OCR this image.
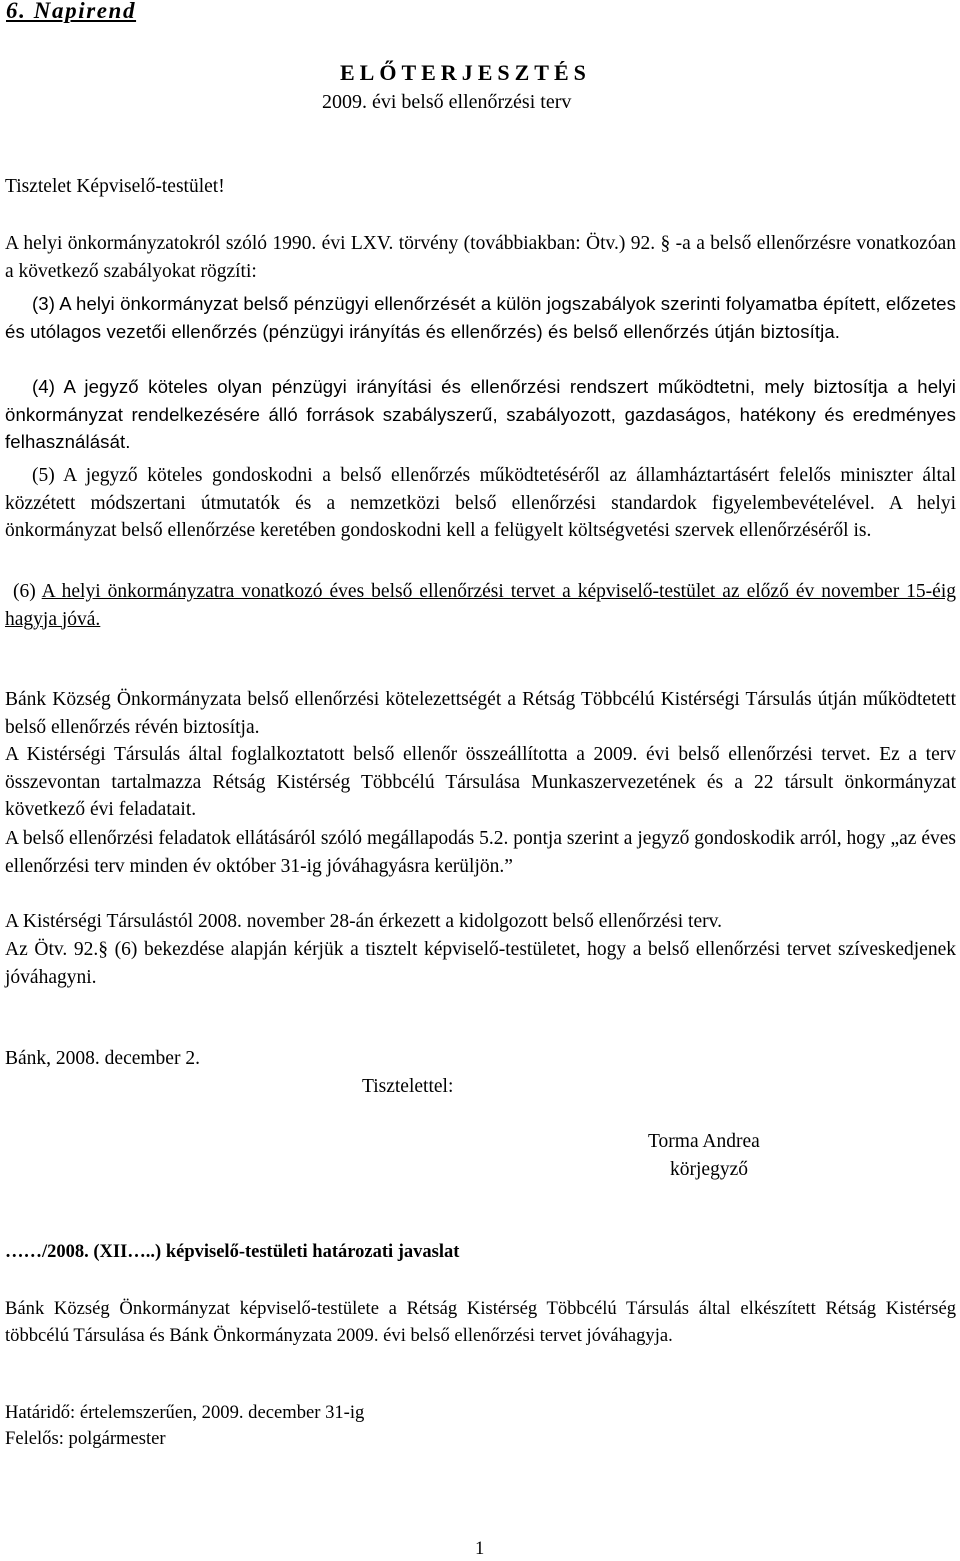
6. Napirend
ELŐTERJESZTÉS
2009. évi belső ellenőrzési terv
Tisztelet Képviselő-testület!
A helyi önkormányzatokról szóló 1990. évi LXV. törvény (továbbiakban: Ötv.) 92. § -a a belső ellenőrzésre vonatkozóan a következő szabályokat rögzíti:
(3) A helyi önkormányzat belső pénzügyi ellenőrzését a külön jogszabályok szerinti folyamatba épített, előzetes és utólagos vezetői ellenőrzés (pénzügyi irányítás és ellenőrzés) és belső ellenőrzés útján biztosítja.
(4) A jegyző köteles olyan pénzügyi irányítási és ellenőrzési rendszert működtetni, mely biztosítja a helyi önkormányzat rendelkezésére álló források szabályszerű, szabályozott, gazdaságos, hatékony és eredményes felhasználását.
(5) A jegyző köteles gondoskodni a belső ellenőrzés működtetéséről az államháztartásért felelős miniszter által közzétett módszertani útmutatók és a nemzetközi belső ellenőrzési standardok figyelembevételével. A helyi önkormányzat belső ellenőrzése keretében gondoskodni kell a felügyelt költségvetési szervek ellenőrzéséről is.
(6) A helyi önkormányzatra vonatkozó éves belső ellenőrzési tervet a képviselő-testület az előző év november 15-éig hagyja jóvá.
Bánk Község Önkormányzata belső ellenőrzési kötelezettségét a Rétság Többcélú Kistérségi Társulás útján működtetett belső ellenőrzés révén biztosítja.
A Kistérségi Társulás által foglalkoztatott belső ellenőr összeállította a 2009. évi belső ellenőrzési tervet. Ez a terv összevontan tartalmazza Rétság Kistérség Többcélú Társulása Munkaszervezetének és a 22 társult önkormányzat következő évi feladatait.
A belső ellenőrzési feladatok ellátásáról szóló megállapodás 5.2. pontja szerint a jegyző gondoskodik arról, hogy „az éves ellenőrzési terv minden év október 31-ig jóváhagyásra kerüljön.”
A Kistérségi Társulástól 2008. november 28-án érkezett a kidolgozott belső ellenőrzési terv.
Az Ötv. 92.§ (6) bekezdése alapján kérjük a tisztelt képviselő-testületet, hogy a belső ellenőrzési tervet szíveskedjenek jóváhagyni.
Bánk, 2008. december 2.
Tisztelettel:
Torma Andrea
körjegyző
……/2008. (XII…..) képviselő-testületi határozati javaslat
Bánk Község Önkormányzat képviselő-testülete a Rétság Kistérség Többcélú Társulás által elkészített Rétság Kistérség többcélú Társulása és Bánk Önkormányzata 2009. évi belső ellenőrzési tervet jóváhagyja.
Határidő: értelemszerűen, 2009. december 31-ig
Felelős: polgármester
1
